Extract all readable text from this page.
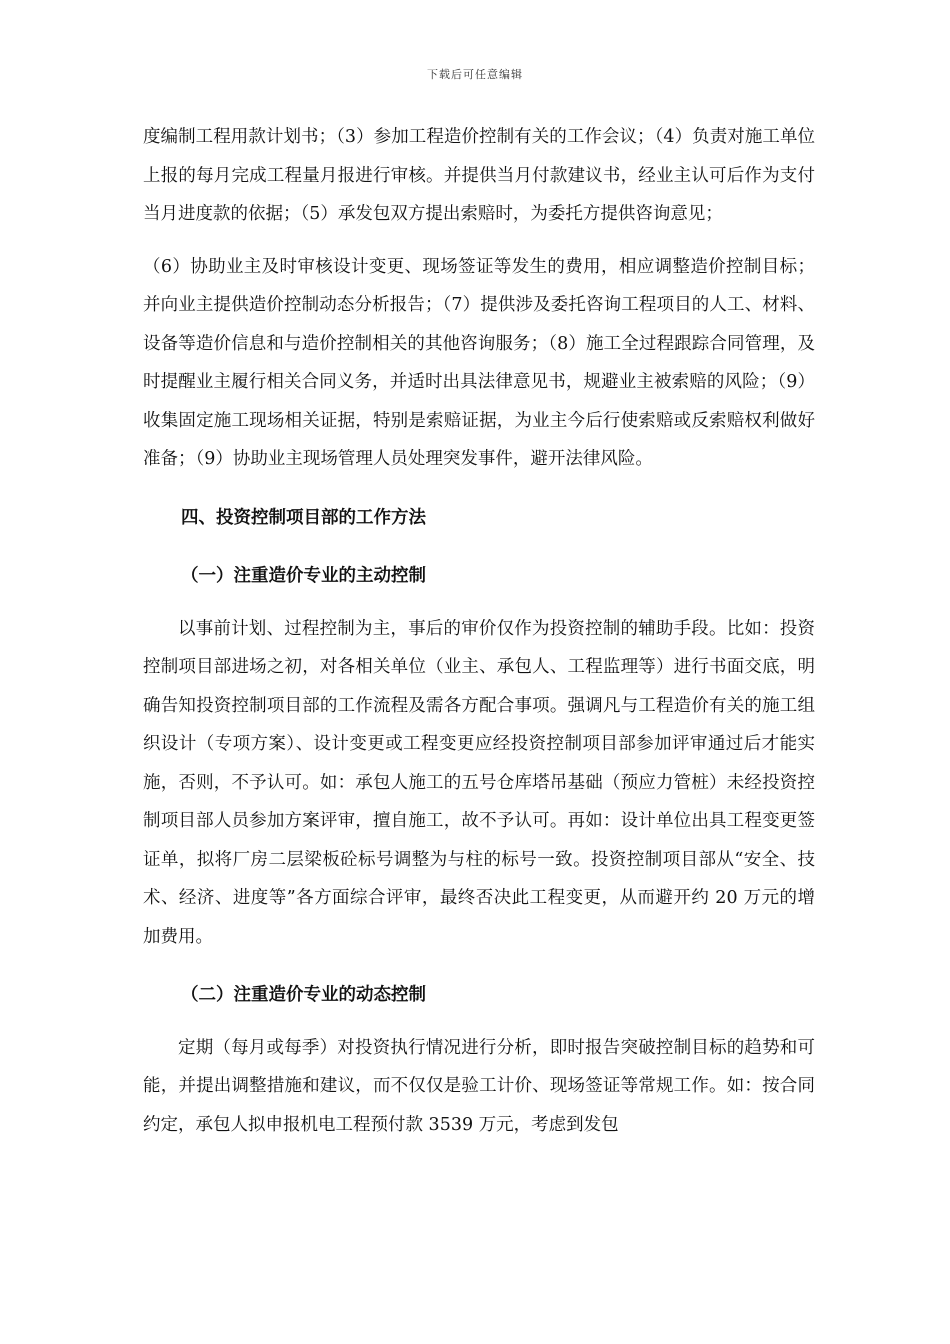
下载后可任意编辑

度编制工程用款计划书；（3）参加工程造价控制有关的工作会议；（4）负责对施工单位上报的每月完成工程量月报进行审核。并提供当月付款建议书，经业主认可后作为支付当月进度款的依据；（5）承发包双方提出索赔时，为委托方提供咨询意见；

（6）协助业主及时审核设计变更、现场签证等发生的费用，相应调整造价控制目标；并向业主提供造价控制动态分析报告；（7）提供涉及委托咨询工程项目的人工、材料、设备等造价信息和与造价控制相关的其他咨询服务；（8）施工全过程跟踪合同管理，及时提醒业主履行相关合同义务，并适时出具法律意见书，规避业主被索赔的风险；（9）收集固定施工现场相关证据，特别是索赔证据，为业主今后行使索赔或反索赔权利做好准备；（9）协助业主现场管理人员处理突发事件，避开法律风险。

四、投资控制项目部的工作方法

（一）注重造价专业的主动控制

以事前计划、过程控制为主，事后的审价仅作为投资控制的辅助手段。比如：投资控制项目部进场之初，对各相关单位（业主、承包人、工程监理等）进行书面交底，明确告知投资控制项目部的工作流程及需各方配合事项。强调凡与工程造价有关的施工组织设计（专项方案）、设计变更或工程变更应经投资控制项目部参加评审通过后才能实施，否则，不予认可。如：承包人施工的五号仓库塔吊基础（预应力管桩）未经投资控制项目部人员参加方案评审，擅自施工，故不予认可。再如：设计单位出具工程变更签证单，拟将厂房二层梁板砼标号调整为与柱的标号一致。投资控制项目部从“安全、技术、经济、进度等”各方面综合评审，最终否决此工程变更，从而避开约 20 万元的增加费用。

（二）注重造价专业的动态控制

定期（每月或每季）对投资执行情况进行分析，即时报告突破控制目标的趋势和可能，并提出调整措施和建议，而不仅仅是验工计价、现场签证等常规工作。如：按合同约定，承包人拟申报机电工程预付款 3539 万元，考虑到发包
